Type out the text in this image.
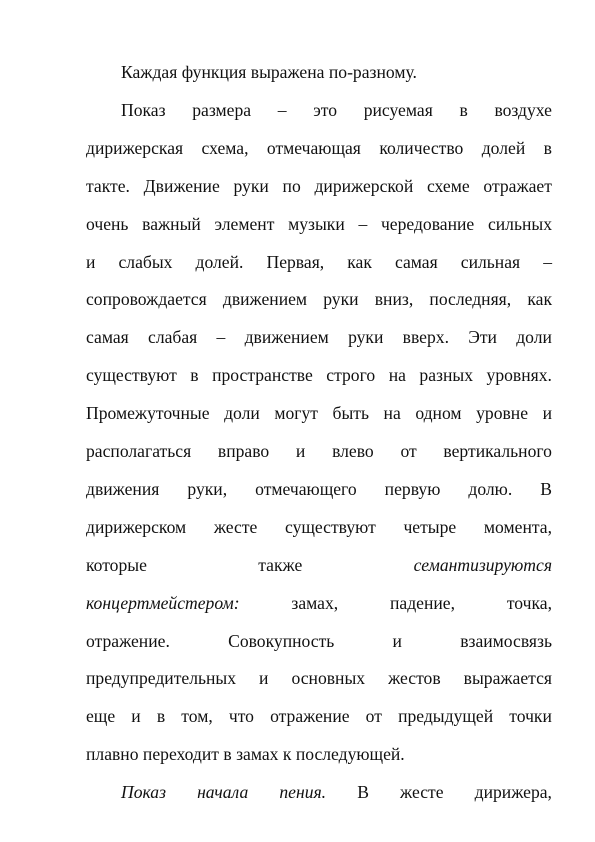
Каждая функция выражена по-разному.
Показ размера – это рисуемая в воздухе
дирижерская схема, отмечающая количество долей в
такте. Движение руки по дирижерской схеме отражает
очень важный элемент музыки – чередование сильных
и слабых долей. Первая, как самая сильная –
сопровождается движением руки вниз, последняя, как
самая слабая – движением руки вверх. Эти доли
существуют в пространстве строго на разных уровнях.
Промежуточные доли могут быть на одном уровне и
располагаться вправо и влево от вертикального
движения руки, отмечающего первую долю. В
дирижерском жесте существуют четыре момента,
которые	также	семантизируются
концертмейстером:	замах,	падение,	точка,
отражение.	Совокупность	и	взаимосвязь
предупредительных и основных жестов выражается
еще и в том, что отражение от предыдущей точки
плавно переходит в замах к последующей.
Показ начала пения. В жесте дирижера,
